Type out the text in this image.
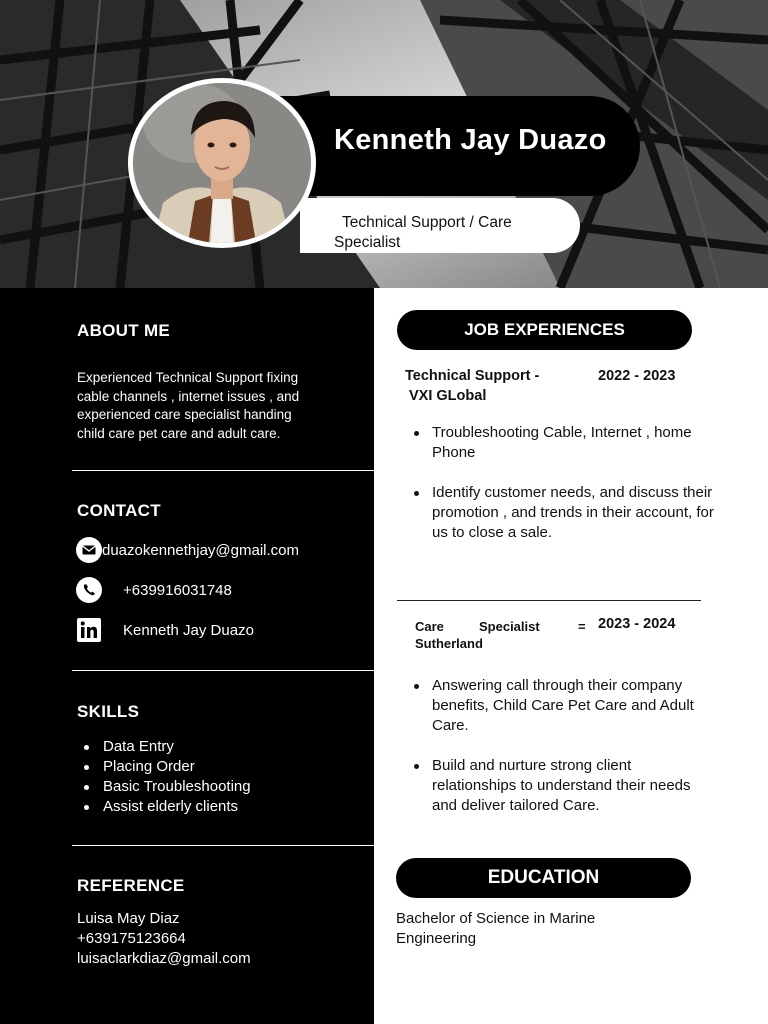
Kenneth Jay Duazo
Technical Support / Care Specialist
ABOUT ME
Experienced Technical Support fixing cable channels , internet issues , and experienced care specialist handing child care pet care and adult care.
CONTACT
duazokennethjay@gmail.com
+639916031748
Kenneth Jay Duazo
SKILLS
Data Entry
Placing Order
Basic Troubleshooting
Assist elderly clients
REFERENCE
Luisa May Diaz
+639175123664
luisaclarkdiaz@gmail.com
JOB EXPERIENCES
Technical Support -
VXI GLobal
2022 - 2023
Troubleshooting Cable, Internet , home Phone
Identify customer needs, and discuss their promotion , and trends in their account, for us to close a sale.
Care	Specialist	=
Sutherland
2023 - 2024
Answering call through their company benefits, Child Care Pet Care and Adult Care.
Build and nurture strong client relationships to understand their needs and deliver tailored Care.
EDUCATION
Bachelor of Science in Marine Engineering
